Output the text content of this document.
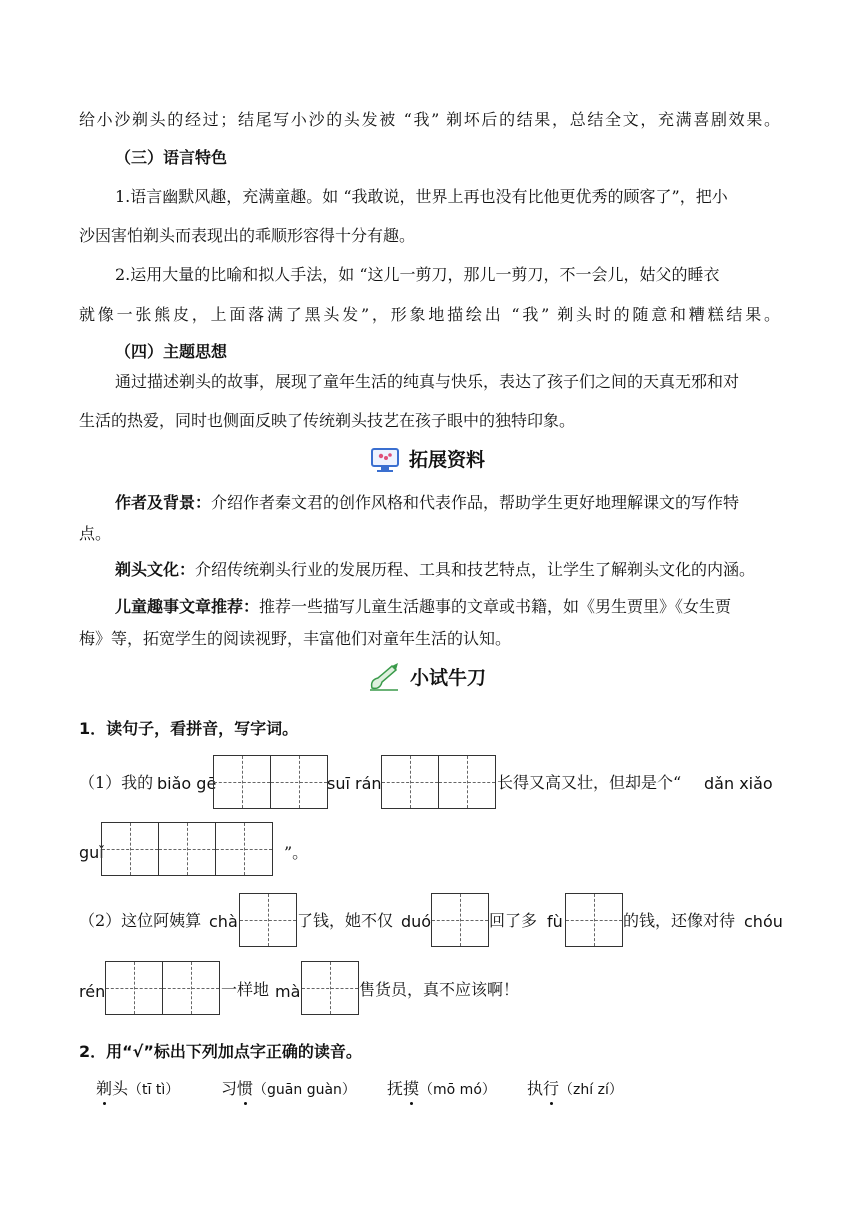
给小沙剃头的经过；结尾写小沙的头发被 “我” 剃坏后的结果，总结全文，充满喜剧效果。
（三）语言特色
1.语言幽默风趣，充满童趣。如 “我敢说，世界上再也没有比他更优秀的顾客了”，把小
沙因害怕剃头而表现出的乖顺形容得十分有趣。
2.运用大量的比喻和拟人手法，如 “这儿一剪刀，那儿一剪刀，不一会儿，姑父的睡衣
就像一张熊皮，上面落满了黑头发”，形象地描绘出 “我” 剃头时的随意和糟糕结果。
（四）主题思想
通过描述剃头的故事，展现了童年生活的纯真与快乐，表达了孩子们之间的天真无邪和对
生活的热爱，同时也侧面反映了传统剃头技艺在孩子眼中的独特印象。
拓展资料
作者及背景：介绍作者秦文君的创作风格和代表作品，帮助学生更好地理解课文的写作特
点。
剃头文化：介绍传统剃头行业的发展历程、工具和技艺特点，让学生了解剃头文化的内涵。
儿童趣事文章推荐：推荐一些描写儿童生活趣事的文章或书籍，如《男生贾里》《女生贾
梅》等，拓宽学生的阅读视野，丰富他们对童年生活的认知。
小试牛刀
1．读句子，看拼音，写字词。
（1）我的 biǎo gē	suī rán	长得又高又壮，但却是个“ dǎn xiǎo
guǐ	”。
（2）这位阿姨算 chà	了钱，她不仅 duó	回了多 fù	的钱，还像对待 chóu
rén	一样地 mà	售货员，真不应该啊！
2．用“√”标出下列加点字正确的读音。
剃头（tī tì）	习惯（guān guàn） 抚摸（mō mó） 执行（zhí zí）
